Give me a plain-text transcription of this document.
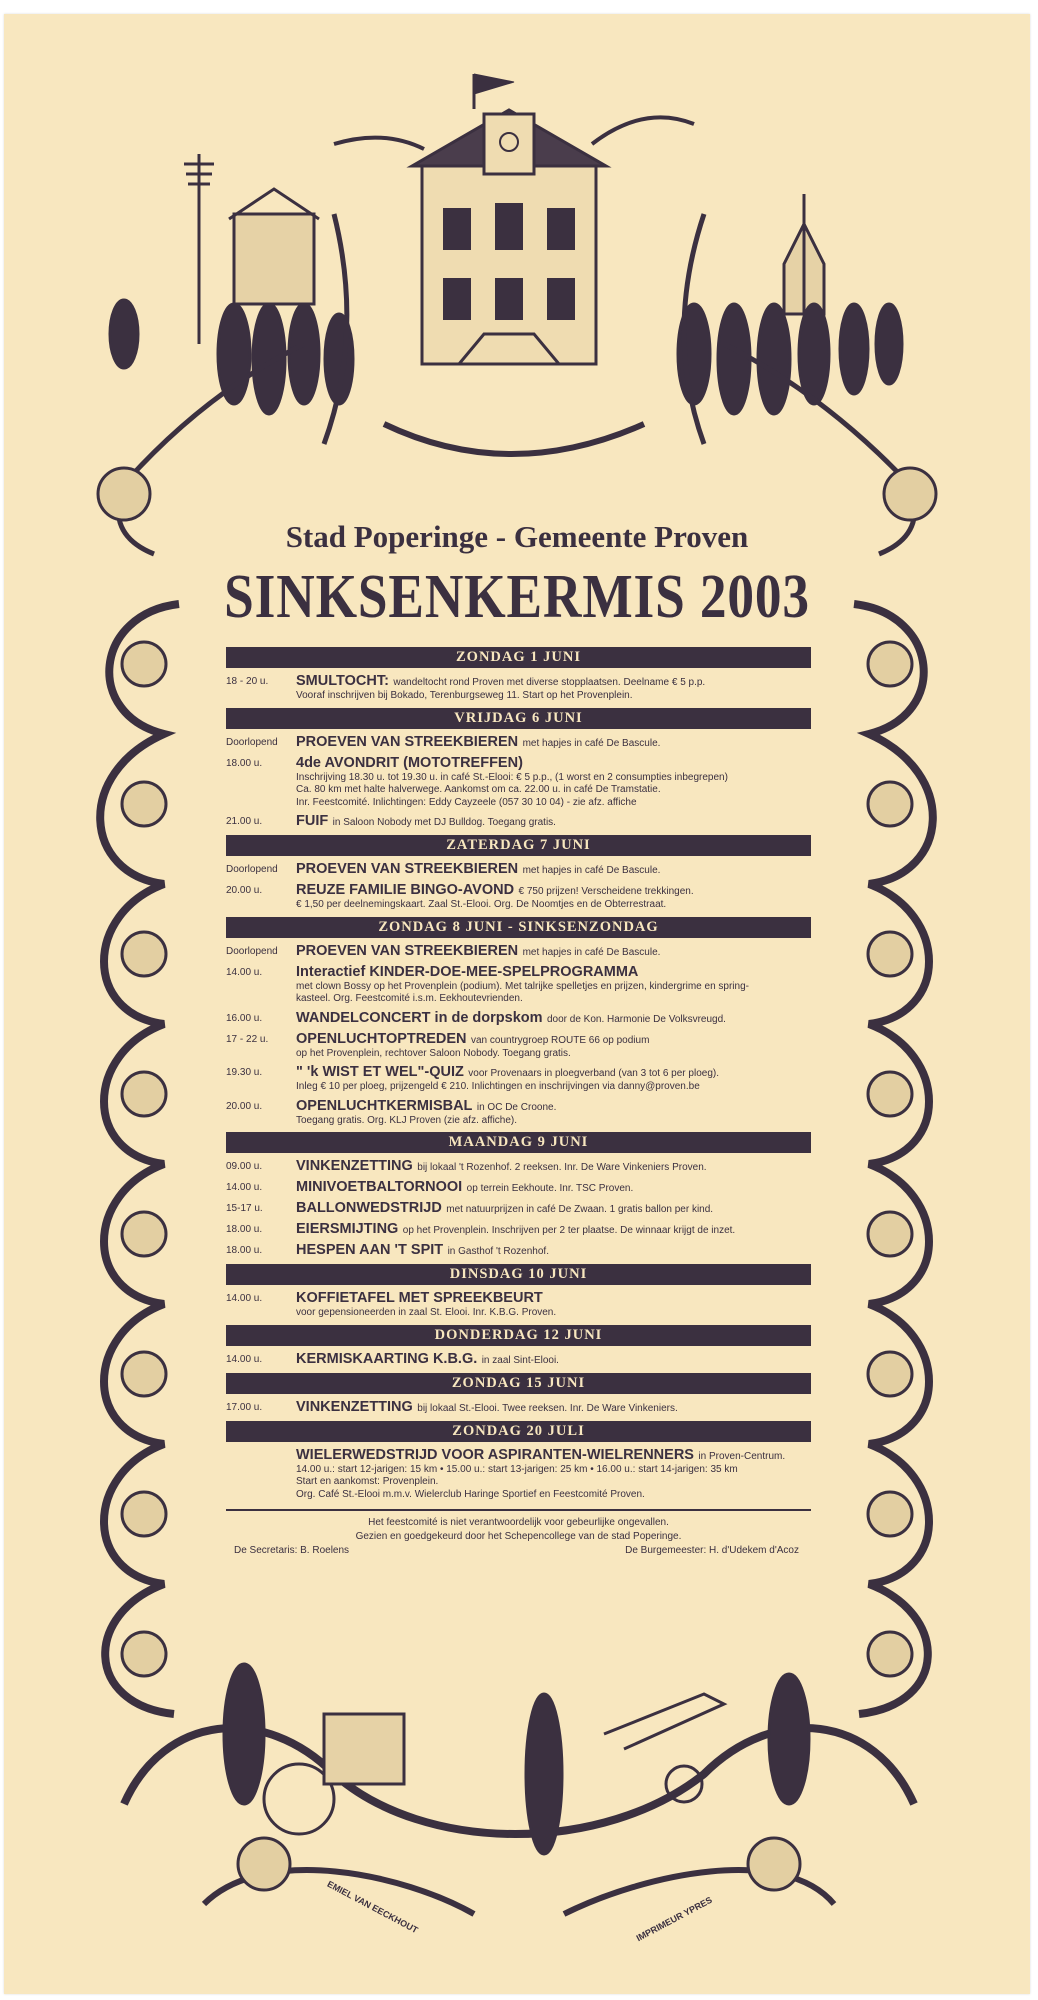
Stad Poperinge - Gemeente Proven
SINKSENKERMIS 2003
ZONDAG 1 JUNI
18 - 20 u.	SMULTOCHT: wandeltocht rond Proven met diverse stopplaatsen. Deelname € 5 p.p.
Vooraf inschrijven bij Bokado, Terenburgseweg 11. Start op het Provenplein.
VRIJDAG 6 JUNI
Doorlopend	PROEVEN VAN STREEKBIEREN met hapjes in café De Bascule.
18.00 u.	4de AVONDRIT (MOTOTREFFEN)
Inschrijving 18.30 u. tot 19.30 u. in café St.-Elooi: € 5 p.p., (1 worst en 2 consumpties inbegrepen)
Ca. 80 km met halte halverwege. Aankomst om ca. 22.00 u. in café De Tramstatie.
Inr. Feestcomité. Inlichtingen: Eddy Cayzeele (057 30 10 04) - zie afz. affiche
21.00 u.	FUIF in Saloon Nobody met DJ Bulldog. Toegang gratis.
ZATERDAG 7 JUNI
Doorlopend	PROEVEN VAN STREEKBIEREN met hapjes in café De Bascule.
20.00 u.	REUZE FAMILIE BINGO-AVOND € 750 prijzen! Verscheidene trekkingen.
€ 1,50 per deelnemingskaart. Zaal St.-Elooi. Org. De Noomtjes en de Obterrestraat.
ZONDAG 8 JUNI - SINKSENZONDAG
Doorlopend	PROEVEN VAN STREEKBIEREN met hapjes in café De Bascule.
14.00 u.	Interactief KINDER-DOE-MEE-SPELPROGRAMMA
met clown Bossy op het Provenplein (podium). Met talrijke spelletjes en prijzen, kindergrime en spring-
kasteel. Org. Feestcomité i.s.m. Eekhoutevrienden.
16.00 u.	WANDELCONCERT in de dorpskom door de Kon. Harmonie De Volksvreugd.
17 - 22 u.	OPENLUCHTOPTREDEN van countrygroep ROUTE 66 op podium
op het Provenplein, rechtover Saloon Nobody. Toegang gratis.
19.30 u.	" 'k WIST ET WEL"-QUIZ voor Provenaars in ploegverband (van 3 tot 6 per ploeg).
Inleg € 10 per ploeg, prijzengeld € 210. Inlichtingen en inschrijvingen via danny@proven.be
20.00 u.	OPENLUCHTKERMISBAL in OC De Croone.
Toegang gratis. Org. KLJ Proven (zie afz. affiche).
MAANDAG 9 JUNI
09.00 u.	VINKENZETTING bij lokaal 't Rozenhof. 2 reeksen. Inr. De Ware Vinkeniers Proven.
14.00 u.	MINIVOETBALTORNOOI op terrein Eekhoute. Inr. TSC Proven.
15-17 u.	BALLONWEDSTRIJD met natuurprijzen in café De Zwaan. 1 gratis ballon per kind.
18.00 u.	EIERSMIJTING op het Provenplein. Inschrijven per 2 ter plaatse. De winnaar krijgt de inzet.
18.00 u.	HESPEN AAN 'T SPIT in Gasthof 't Rozenhof.
DINSDAG 10 JUNI
14.00 u.	KOFFIETAFEL MET SPREEKBEURT
voor gepensioneerden in zaal St. Elooi. Inr. K.B.G. Proven.
DONDERDAG 12 JUNI
14.00 u.	KERMISKAARTING K.B.G. in zaal Sint-Elooi.
ZONDAG 15 JUNI
17.00 u.	VINKENZETTING bij lokaal St.-Elooi. Twee reeksen. Inr. De Ware Vinkeniers.
ZONDAG 20 JULI
WIELERWEDSTRIJD VOOR ASPIRANTEN-WIELRENNERS in Proven-Centrum.
14.00 u.: start 12-jarigen: 15 km • 15.00 u.: start 13-jarigen: 25 km • 16.00 u.: start 14-jarigen: 35 km
Start en aankomst: Provenplein.
Org. Café St.-Elooi m.m.v. Wielerclub Haringe Sportief en Feestcomité Proven.
Het feestcomité is niet verantwoordelijk voor gebeurlijke ongevallen.
Gezien en goedgekeurd door het Schepencollege van de stad Poperinge.
De Secretaris: B. Roelens	De Burgemeester: H. d'Udekem d'Acoz
EMIEL VAN EECKHOUT	IMPRIMEUR YPRES
